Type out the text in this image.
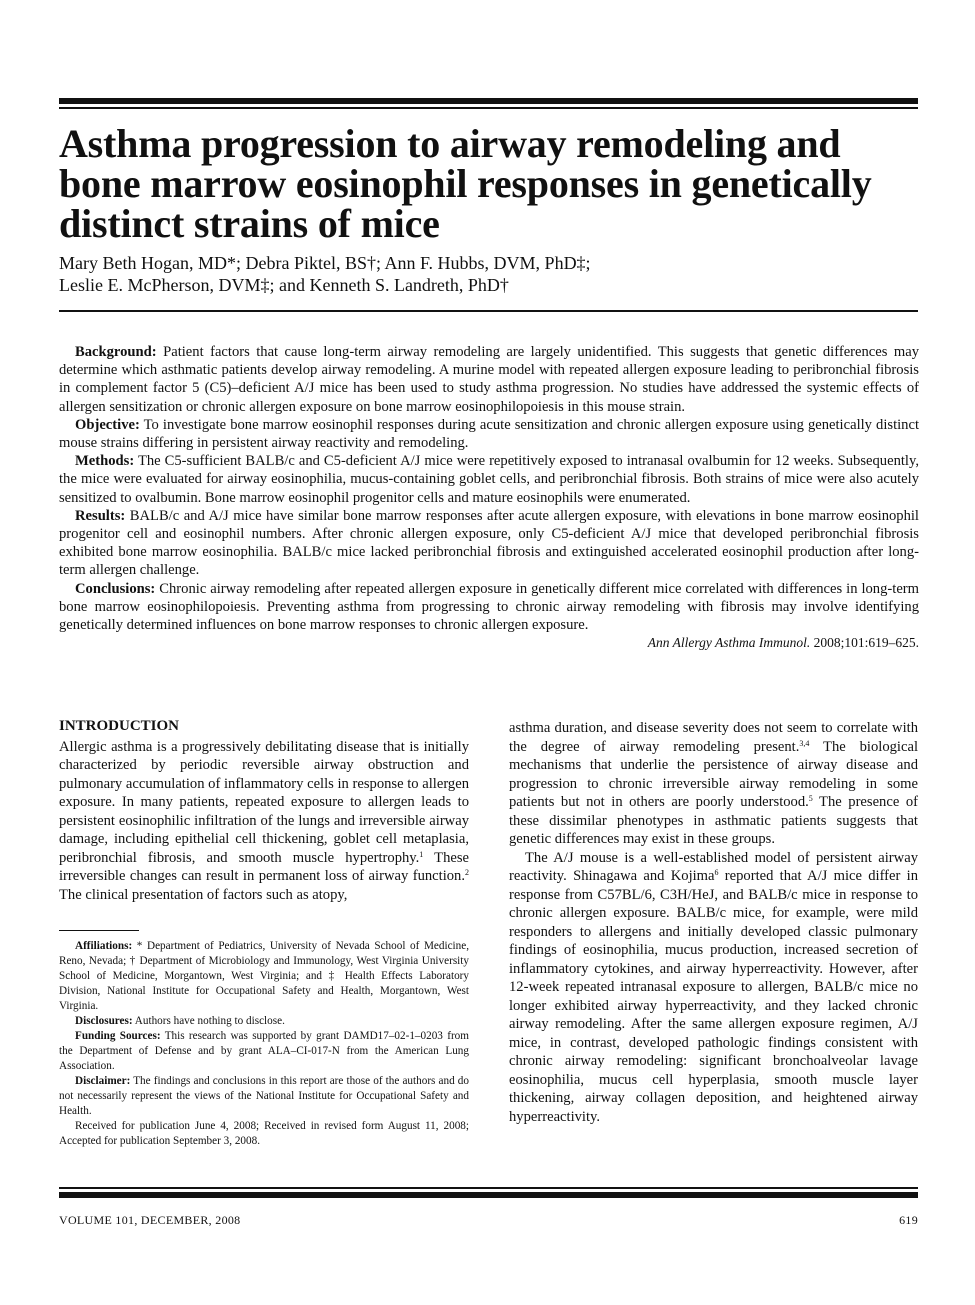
Asthma progression to airway remodeling and bone marrow eosinophil responses in genetically distinct strains of mice
Mary Beth Hogan, MD*; Debra Piktel, BS†; Ann F. Hubbs, DVM, PhD‡;
Leslie E. McPherson, DVM‡; and Kenneth S. Landreth, PhD†

Background: Patient factors that cause long-term airway remodeling are largely unidentified. This suggests that genetic differences may determine which asthmatic patients develop airway remodeling. A murine model with repeated allergen exposure leading to peribronchial fibrosis in complement factor 5 (C5)–deficient A/J mice has been used to study asthma progression. No studies have addressed the systemic effects of allergen sensitization or chronic allergen exposure on bone marrow eosinophilopoiesis in this mouse strain.

Objective: To investigate bone marrow eosinophil responses during acute sensitization and chronic allergen exposure using genetically distinct mouse strains differing in persistent airway reactivity and remodeling.

Methods: The C5-sufficient BALB/c and C5-deficient A/J mice were repetitively exposed to intranasal ovalbumin for 12 weeks. Subsequently, the mice were evaluated for airway eosinophilia, mucus-containing goblet cells, and peribronchial fibrosis. Both strains of mice were also acutely sensitized to ovalbumin. Bone marrow eosinophil progenitor cells and mature eosinophils were enumerated.

Results: BALB/c and A/J mice have similar bone marrow responses after acute allergen exposure, with elevations in bone marrow eosinophil progenitor cell and eosinophil numbers. After chronic allergen exposure, only C5-deficient A/J mice that developed peribronchial fibrosis exhibited bone marrow eosinophilia. BALB/c mice lacked peribronchial fibrosis and extinguished accelerated eosinophil production after long-term allergen challenge.

Conclusions: Chronic airway remodeling after repeated allergen exposure in genetically different mice correlated with differences in long-term bone marrow eosinophilopoiesis. Preventing asthma from progressing to chronic airway remodeling with fibrosis may involve identifying genetically determined influences on bone marrow responses to chronic allergen exposure.

Ann Allergy Asthma Immunol. 2008;101:619–625.
INTRODUCTION

Allergic asthma is a progressively debilitating disease that is initially characterized by periodic reversible airway obstruction and pulmonary accumulation of inflammatory cells in response to allergen exposure. In many patients, repeated exposure to allergen leads to persistent eosinophilic infiltration of the lungs and irreversible airway damage, including epithelial cell thickening, goblet cell metaplasia, peribronchial fibrosis, and smooth muscle hypertrophy.$^1$ These irreversible changes can result in permanent loss of airway function.$^2$ The clinical presentation of factors such as atopy,

Affiliations: * Department of Pediatrics, University of Nevada School of Medicine, Reno, Nevada; † Department of Microbiology and Immunology, West Virginia University School of Medicine, Morgantown, West Virginia; and ‡ Health Effects Laboratory Division, National Institute for Occupational Safety and Health, Morgantown, West Virginia.

Disclosures: Authors have nothing to disclose.

Funding Sources: This research was supported by grant DAMD17–02-1–0203 from the Department of Defense and by grant ALA–CI-017-N from the American Lung Association.

Disclaimer: The findings and conclusions in this report are those of the authors and do not necessarily represent the views of the National Institute for Occupational Safety and Health.

Received for publication June 4, 2008; Received in revised form August 11, 2008; Accepted for publication September 3, 2008.

asthma duration, and disease severity does not seem to correlate with the degree of airway remodeling present.$^{3,4}$ The biological mechanisms that underlie the persistence of airway disease and progression to chronic irreversible airway remodeling in some patients but not in others are poorly understood.$^5$ The presence of these dissimilar phenotypes in asthmatic patients suggests that genetic differences may exist in these groups.

The A/J mouse is a well-established model of persistent airway reactivity. Shinagawa and Kojima$^6$ reported that A/J mice differ in response from C57BL/6, C3H/HeJ, and BALB/c mice in response to chronic allergen exposure. BALB/c mice, for example, were mild responders to allergens and initially developed classic pulmonary findings of eosinophilia, mucus production, increased secretion of inflammatory cytokines, and airway hyperreactivity. However, after 12-week repeated intranasal exposure to allergen, BALB/c mice no longer exhibited airway hyperreactivity, and they lacked chronic airway remodeling. After the same allergen exposure regimen, A/J mice, in contrast, developed pathologic findings consistent with chronic airway remodeling: significant bronchoalveolar lavage eosinophilia, mucus cell hyperplasia, smooth muscle layer thickening, airway collagen deposition, and heightened airway hyperreactivity.

VOLUME 101, DECEMBER, 2008	619
